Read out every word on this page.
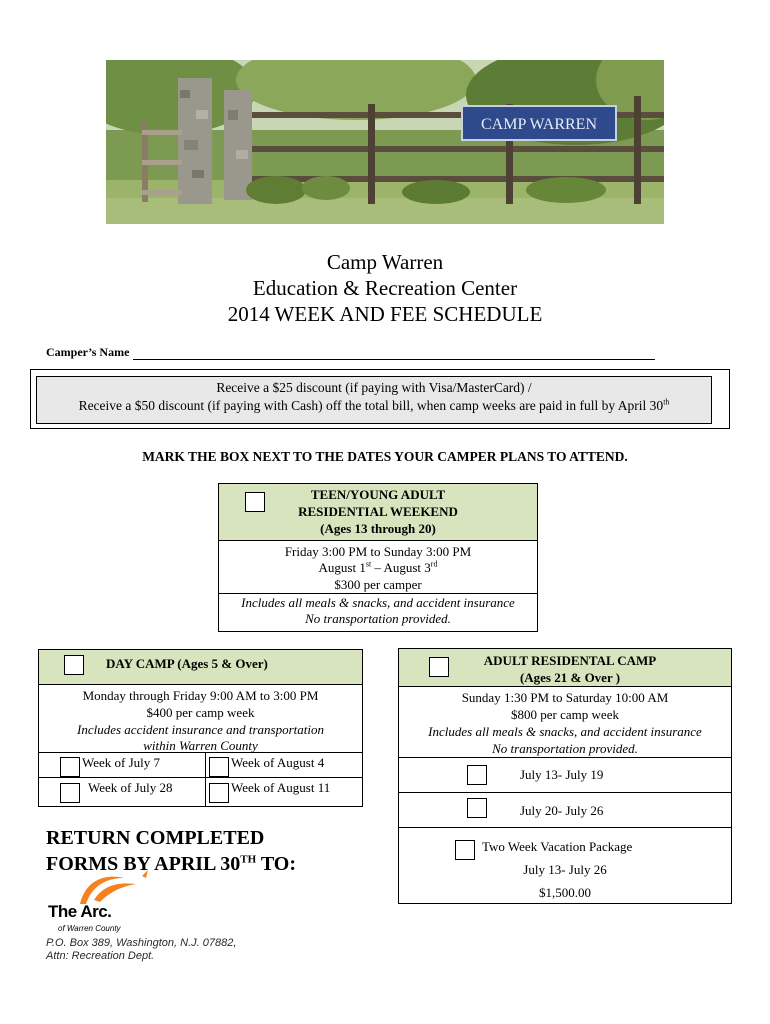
CAMP WARREN
Camp Warren
Education & Recreation Center
2014 WEEK AND FEE SCHEDULE
Camper’s Name
Receive a $25 discount (if paying with Visa/MasterCard) /
Receive a $50 discount (if paying with Cash) off the total bill, when camp weeks are paid in full by April 30th
MARK THE BOX NEXT TO THE DATES YOUR CAMPER PLANS TO ATTEND.
TEEN/YOUNG ADULT
RESIDENTIAL WEEKEND
(Ages 13 through 20)
Friday 3:00 PM to Sunday 3:00 PM
August 1st – August 3rd
$300 per camper
Includes all meals & snacks, and accident insurance
No transportation provided.
DAY CAMP (Ages 5 & Over)
Monday through Friday 9:00 AM to 3:00 PM
$400 per camp week
Includes accident insurance and transportation
within Warren County
Week of July 7	Week of August 4
Week of July 28	Week of August 11
ADULT RESIDENTAL CAMP
(Ages 21 & Over )
Sunday 1:30 PM to Saturday 10:00 AM
$800 per camp week
Includes all meals & snacks, and accident insurance
No transportation provided.
July 13- July 19
July 20- July 26
Two Week Vacation Package
July 13- July 26
$1,500.00
RETURN COMPLETED
FORMS BY APRIL 30TH TO:
The Arc.
of Warren County
P.O. Box 389, Washington, N.J. 07882,
Attn: Recreation Dept.
